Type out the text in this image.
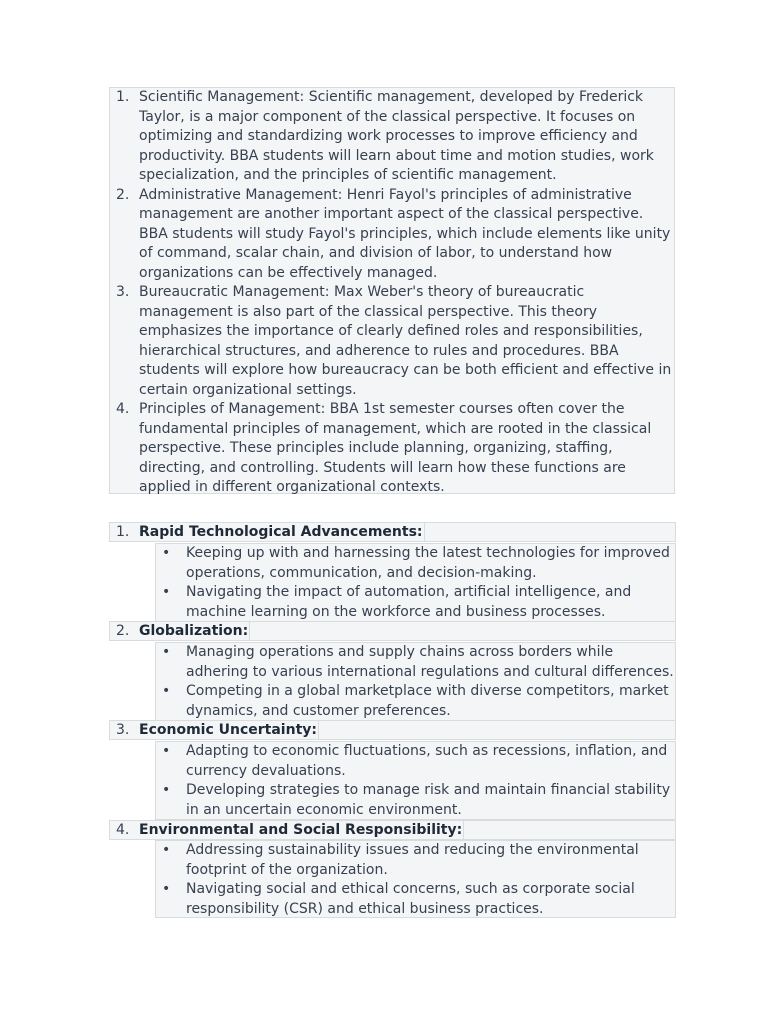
1. Scientific Management: Scientific management, developed by Frederick Taylor, is a major component of the classical perspective. It focuses on optimizing and standardizing work processes to improve efficiency and productivity. BBA students will learn about time and motion studies, work specialization, and the principles of scientific management.
2. Administrative Management: Henri Fayol's principles of administrative management are another important aspect of the classical perspective. BBA students will study Fayol's principles, which include elements like unity of command, scalar chain, and division of labor, to understand how organizations can be effectively managed.
3. Bureaucratic Management: Max Weber's theory of bureaucratic management is also part of the classical perspective. This theory emphasizes the importance of clearly defined roles and responsibilities, hierarchical structures, and adherence to rules and procedures. BBA students will explore how bureaucracy can be both efficient and effective in certain organizational settings.
4. Principles of Management: BBA 1st semester courses often cover the fundamental principles of management, which are rooted in the classical perspective. These principles include planning, organizing, staffing, directing, and controlling. Students will learn how these functions are applied in different organizational contexts.
1. Rapid Technological Advancements:
• Keeping up with and harnessing the latest technologies for improved operations, communication, and decision-making.
• Navigating the impact of automation, artificial intelligence, and machine learning on the workforce and business processes.
2. Globalization:
• Managing operations and supply chains across borders while adhering to various international regulations and cultural differences.
• Competing in a global marketplace with diverse competitors, market dynamics, and customer preferences.
3. Economic Uncertainty:
• Adapting to economic fluctuations, such as recessions, inflation, and currency devaluations.
• Developing strategies to manage risk and maintain financial stability in an uncertain economic environment.
4. Environmental and Social Responsibility:
• Addressing sustainability issues and reducing the environmental footprint of the organization.
• Navigating social and ethical concerns, such as corporate social responsibility (CSR) and ethical business practices.
